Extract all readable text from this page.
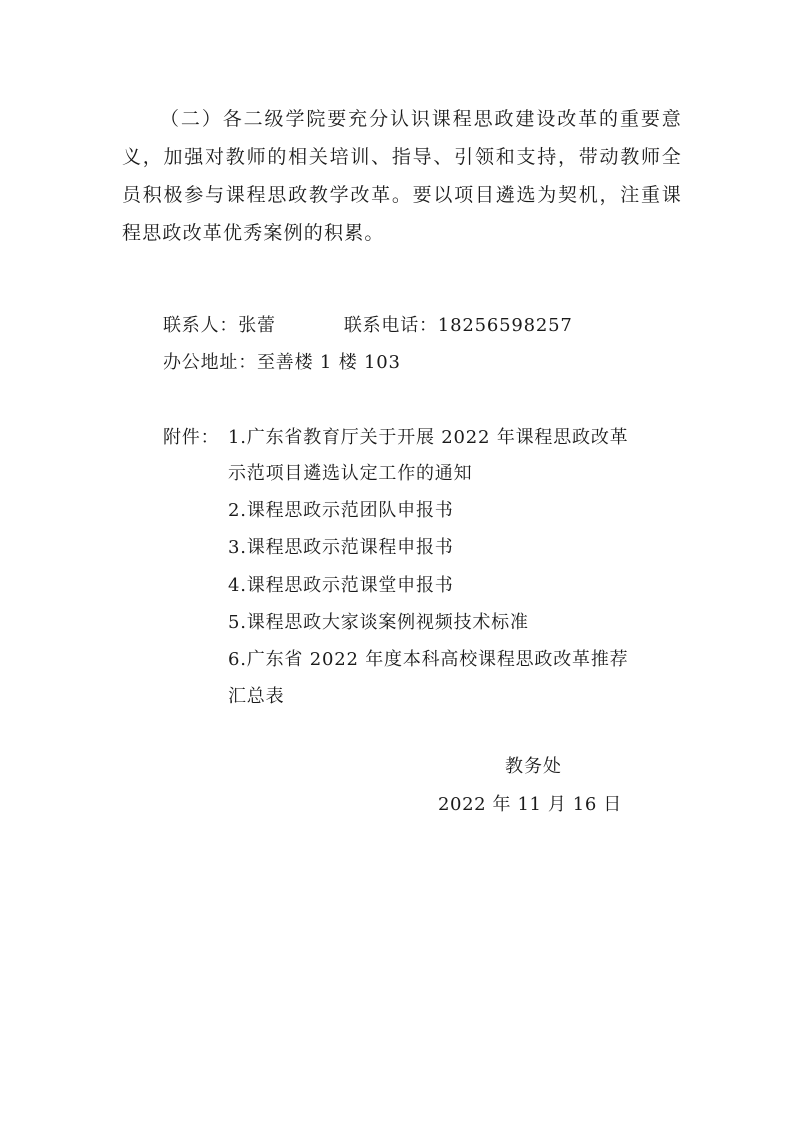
（二）各二级学院要充分认识课程思政建设改革的重要意义，加强对教师的相关培训、指导、引领和支持，带动教师全员积极参与课程思政教学改革。要以项目遴选为契机，注重课程思政改革优秀案例的积累。

联系人：张蕾	联系电话：18256598257
办公地址：至善楼 1 楼 103
附件： 1.广东省教育厅关于开展 2022 年课程思政改革
示范项目遴选认定工作的通知
2.课程思政示范团队申报书
3.课程思政示范课程申报书
4.课程思政示范课堂申报书
5.课程思政大家谈案例视频技术标准
6.广东省 2022 年度本科高校课程思政改革推荐
汇总表
教务处
2022 年 11 月 16 日
